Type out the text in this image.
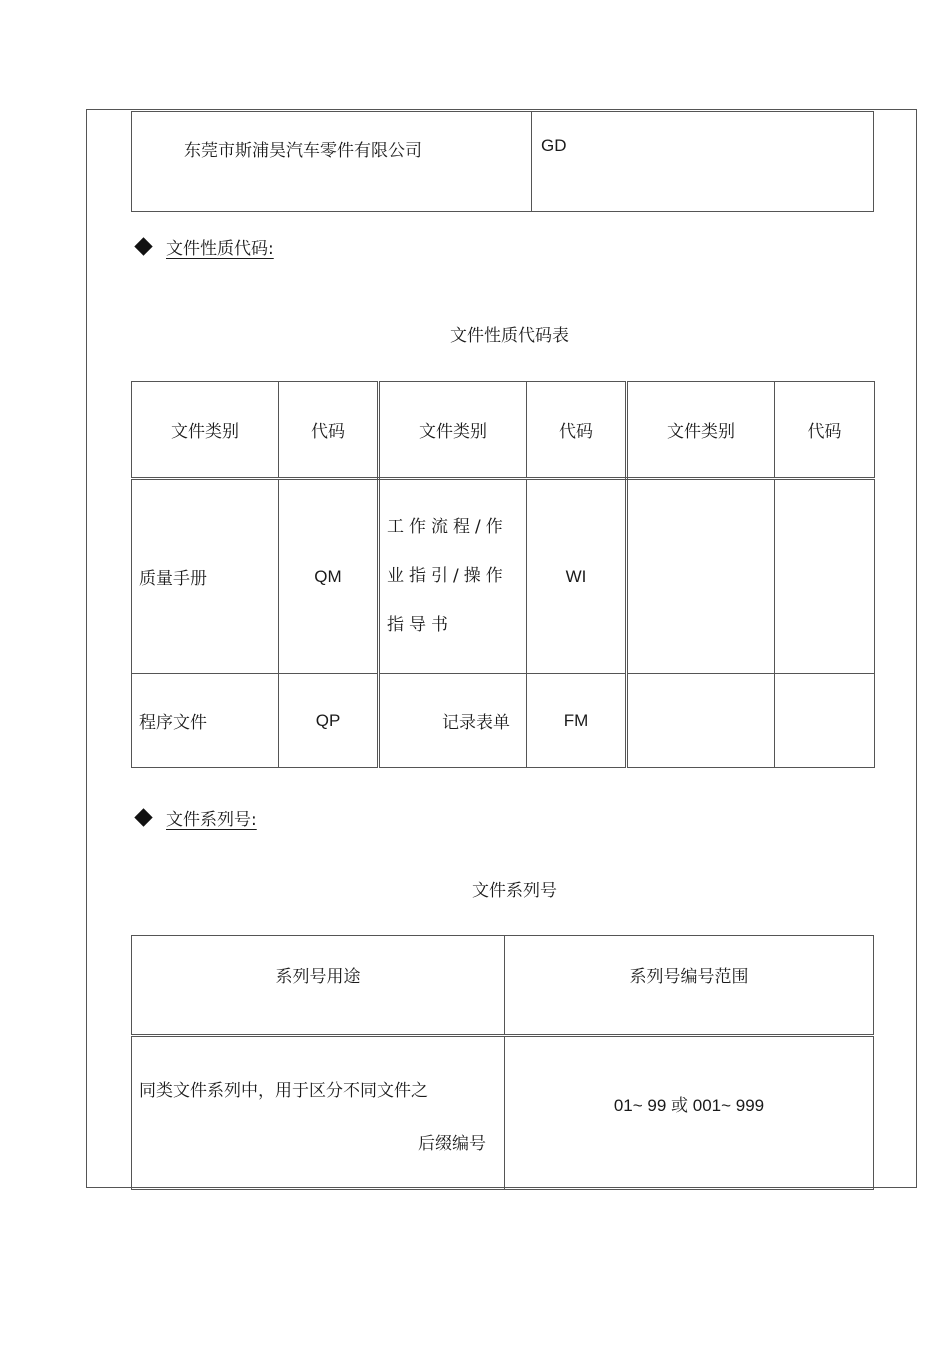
东莞市斯浦昊汽车零件有限公司	GD
文件性质代码:
文件性质代码表
文件类别	代码	文件类别	代码	文件类别	代码
质量手册	QM	工作流程/作业指引/操作指导书	WI		
程序文件	QP	记录表单	FM		
文件系列号:
文件系列号
系列号用途	系列号编号范围

同类文件系列中，用于区分不同文件之
后缀编号	01~ 99 或 001~ 999
